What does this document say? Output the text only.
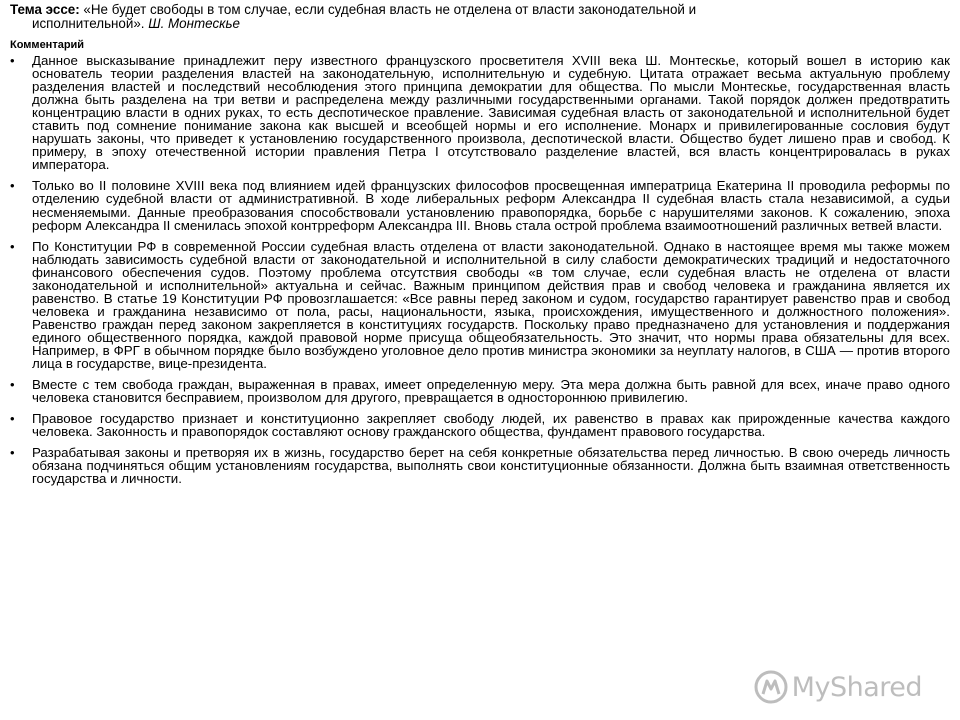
Тема эссе: «Не будет свободы в том случае, если судебная власть не отделена от власти законодательной и
исполнительной». Ш. Монтескье
Комментарий
• Данное высказывание принадлежит перу известного французского просветителя XVIII века Ш. Монтескье, который вошел в историю как основатель теории разделения властей на законодательную, исполнительную и судебную. Цитата отражает весьма актуальную проблему разделения властей и последствий несоблюдения этого принципа демократии для общества. По мысли Монтескье, государственная власть должна быть разделена на три ветви и распределена между различными государственными органами. Такой порядок должен предотвратить концентрацию власти в одних руках, то есть деспотическое правление. Зависимая судебная власть от законодательной и исполнительной будет ставить под сомнение понимание закона как высшей и всеобщей нормы и его исполнение. Монарх и привилегированные сословия будут нарушать законы, что приведет к установлению государственного произвола, деспотической власти. Общество будет лишено прав и свобод. К примеру, в эпоху отечественной истории правления Петра I отсутствовало разделение властей, вся власть концентрировалась в руках императора.
• Только во II половине XVIII века под влиянием идей французских философов просвещенная императрица Екатерина II проводила реформы по отделению судебной власти от административной. В ходе либеральных реформ Александра II судебная власть стала независимой, а судьи несменяемыми. Данные преобразования способствовали установлению правопорядка, борьбе с нарушителями законов. К сожалению, эпоха реформ Александра II сменилась эпохой контрреформ Александра III. Вновь стала острой проблема взаимоотношений различных ветвей власти.
• По Конституции РФ в современной России судебная власть отделена от власти законодательной. Однако в настоящее время мы также можем наблюдать зависимость судебной власти от законодательной и исполнительной в силу слабости демократических традиций и недостаточного финансового обеспечения судов. Поэтому проблема отсутствия свободы «в том случае, если судебная власть не отделена от власти законодательной и исполнительной» актуальна и сейчас. Важным принципом действия прав и свобод человека и гражданина является их равенство. В статье 19 Конституции РФ провозглашается: «Все равны перед законом и судом, государство гарантирует равенство прав и свобод человека и гражданина независимо от пола, расы, национальности, языка, происхождения, имущественного и должностного положения». Равенство граждан перед законом закрепляется в конституциях государств. Поскольку право предназначено для установления и поддержания единого общественного порядка, каждой правовой норме присуща общеобязательность. Это значит, что нормы права обязательны для всех. Например, в ФРГ в обычном порядке было возбуждено уголовное дело против министра экономики за неуплату налогов, в США — против второго лица в государстве, вице-президента.
• Вместе с тем свобода граждан, выраженная в правах, имеет определенную меру. Эта мера должна быть равной для всех, иначе право одного человека становится бесправием, произволом для другого, превращается в одностороннюю привилегию.
• Правовое государство признает и конституционно закрепляет свободу людей, их равенство в правах как прирожденные качества каждого человека. Законность и правопорядок составляют основу гражданского общества, фундамент правового государства.
• Разрабатывая законы и претворяя их в жизнь, государство берет на себя конкретные обязательства перед личностью. В свою очередь личность обязана подчиняться общим установлениям государства, выполнять свои конституционные обязанности. Должна быть взаимная ответственность государства и личности.
MyShared
